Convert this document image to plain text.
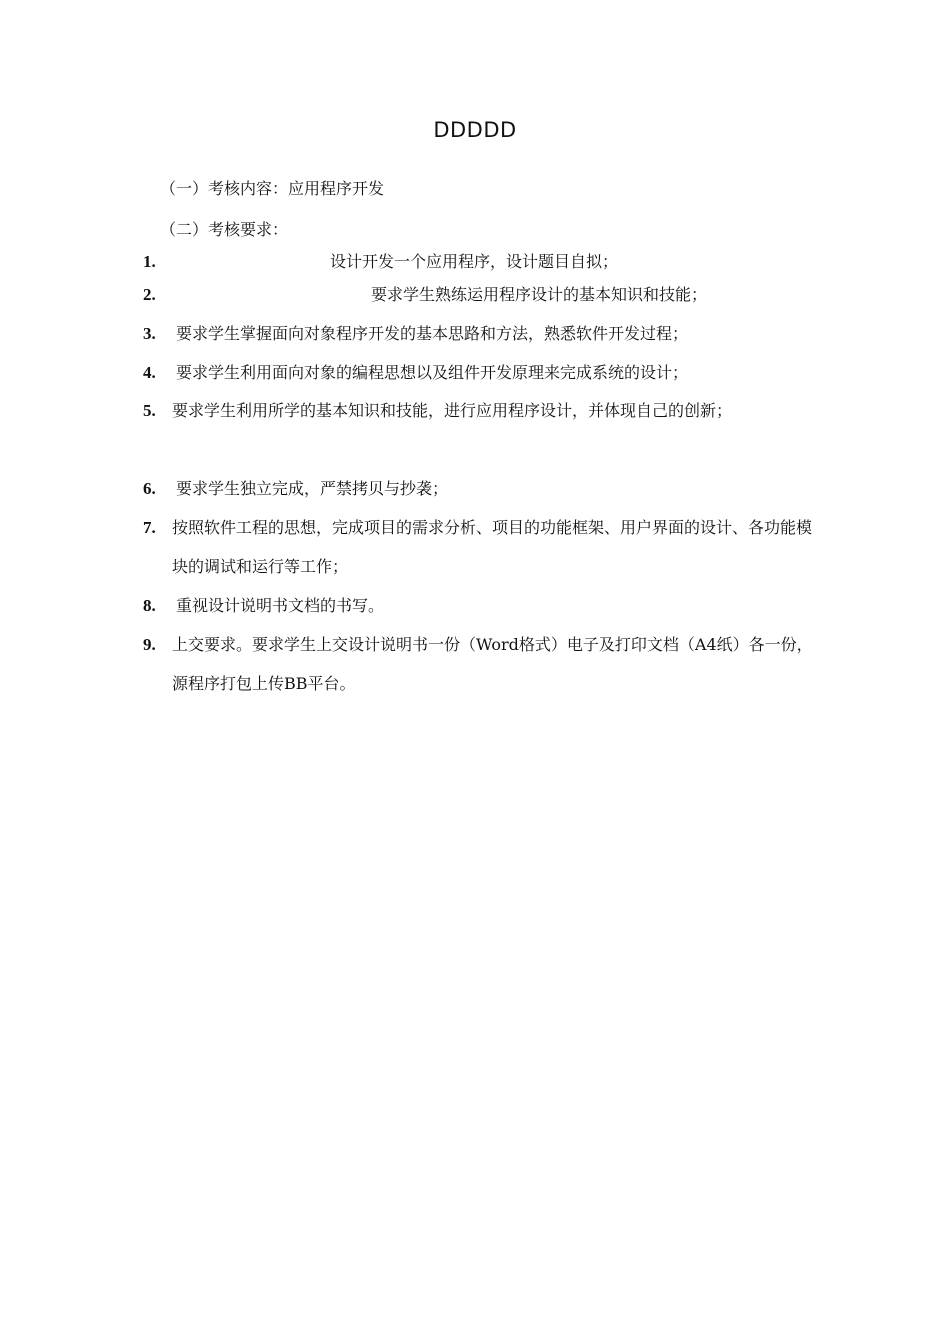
DDDDD
（一）考核内容：应用程序开发
（二）考核要求：
1.	设计开发一个应用程序，设计题目自拟；
2.	要求学生熟练运用程序设计的基本知识和技能；
3. 要求学生掌握面向对象程序开发的基本思路和方法，熟悉软件开发过程；
4. 要求学生利用面向对象的编程思想以及组件开发原理来完成系统的设计；
5. 要求学生利用所学的基本知识和技能，进行应用程序设计，并体现自己的创新；
6. 要求学生独立完成，严禁拷贝与抄袭；
7. 按照软件工程的思想，完成项目的需求分析、项目的功能框架、用户界面的设计、各功能模块的调试和运行等工作；
8. 重视设计说明书文档的书写。
9. 上交要求。要求学生上交设计说明书一份（Word格式）电子及打印文档（A4纸）各一份，源程序打包上传BB平台。
